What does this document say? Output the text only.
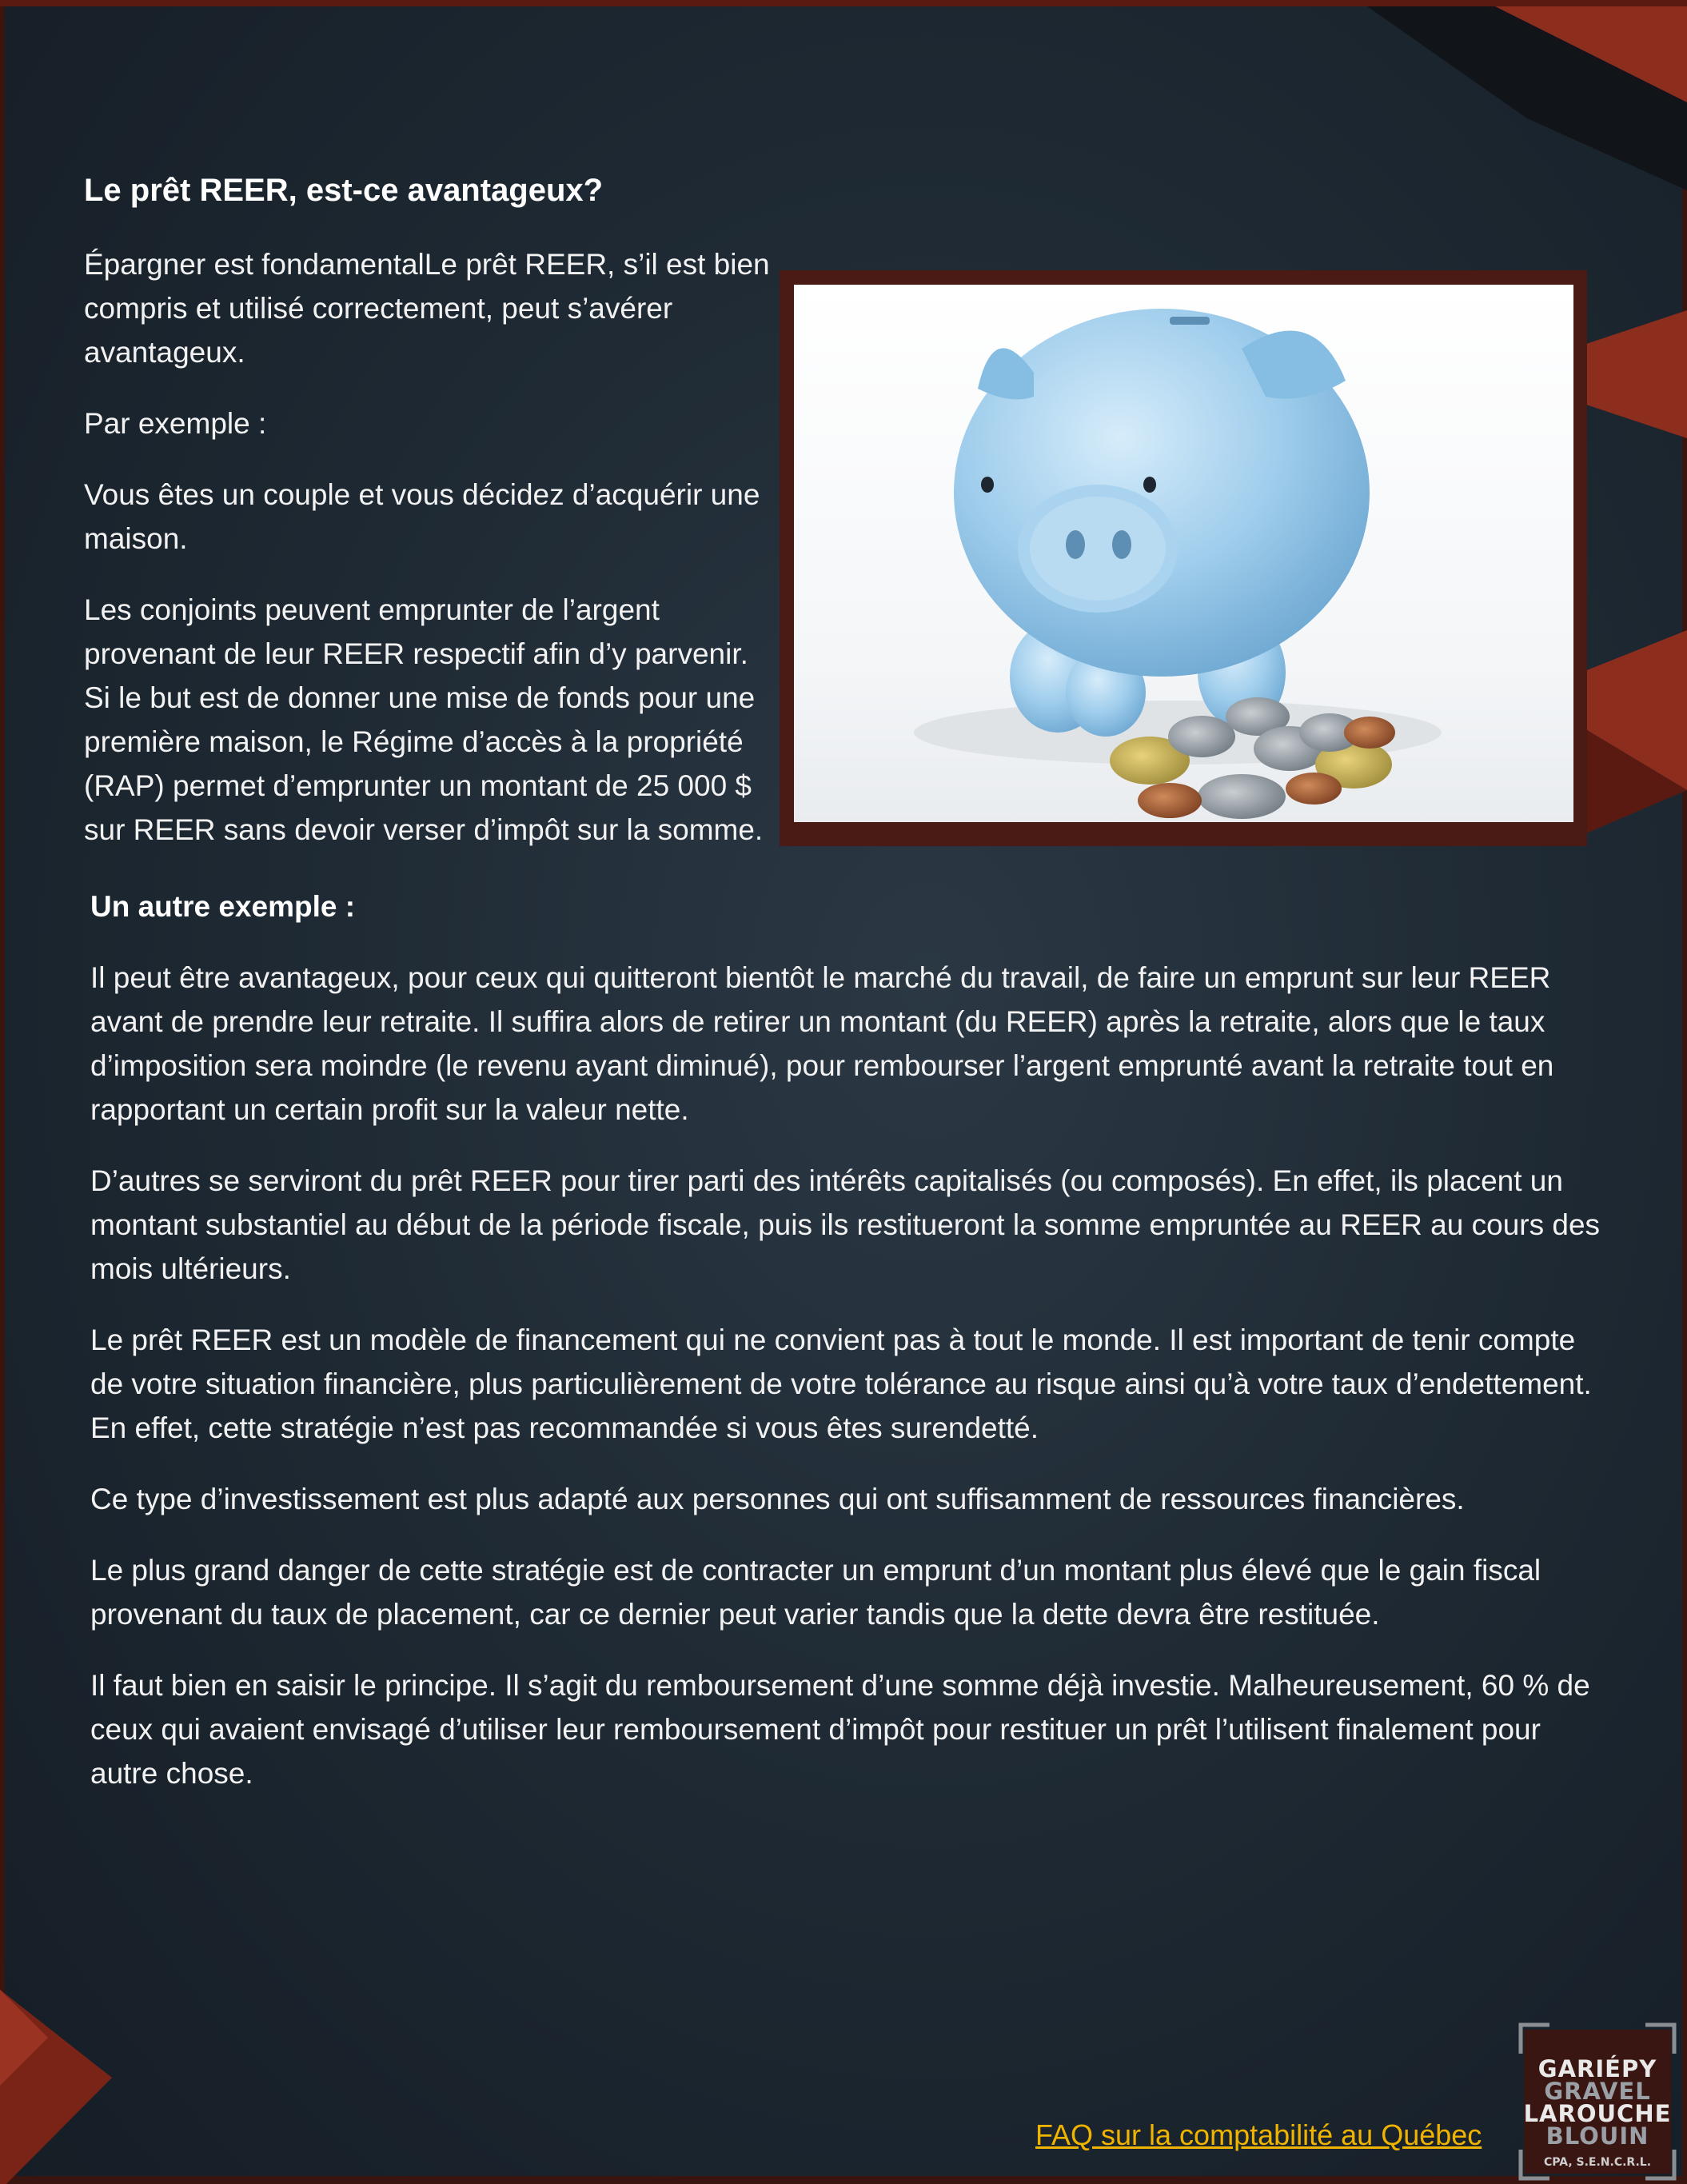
Le prêt REER, est-ce avantageux?

Épargner est fondamentalLe prêt REER, s’il est bien compris et utilisé correctement, peut s’avérer avantageux.

Par exemple :

Vous êtes un couple et vous décidez d’acquérir une maison.

Les conjoints peuvent emprunter de l’argent provenant de leur REER respectif afin d’y parvenir. Si le but est de donner une mise de fonds pour une première maison, le Régime d’accès à la propriété (RAP) permet d’emprunter un montant de 25 000 $ sur REER sans devoir verser d’impôt sur la somme.

Un autre exemple :

Il peut être avantageux, pour ceux qui quitteront bientôt le marché du travail, de faire un emprunt sur leur REER avant de prendre leur retraite. Il suffira alors de retirer un montant (du REER) après la retraite, alors que le taux d’imposition sera moindre (le revenu ayant diminué), pour rembourser l’argent emprunté avant la retraite tout en rapportant un certain profit sur la valeur nette.

D’autres se serviront du prêt REER pour tirer parti des intérêts capitalisés (ou composés). En effet, ils placent un montant substantiel au début de la période fiscale, puis ils restitueront la somme empruntée au REER au cours des mois ultérieurs.

Le prêt REER est un modèle de financement qui ne convient pas à tout le monde. Il est important de tenir compte de votre situation financière, plus particulièrement de votre tolérance au risque ainsi qu’à votre taux d’endettement. En effet, cette stratégie n’est pas recommandée si vous êtes surendetté.

Ce type d’investissement est plus adapté aux personnes qui ont suffisamment de ressources financières.

Le plus grand danger de cette stratégie est de contracter un emprunt d’un montant plus élevé que le gain fiscal provenant du taux de placement, car ce dernier peut varier tandis que la dette devra être restituée.

Il faut bien en saisir le principe. Il s’agit du remboursement d’une somme déjà investie. Malheureusement, 60 % de ceux qui avaient envisagé d’utiliser leur remboursement d’impôt pour restituer un prêt l’utilisent finalement pour autre chose.

FAQ sur la comptabilité au Québec
GARIÉPY
GRAVEL
LAROUCHE
BLOUIN
CPA, S.E.N.C.R.L.
